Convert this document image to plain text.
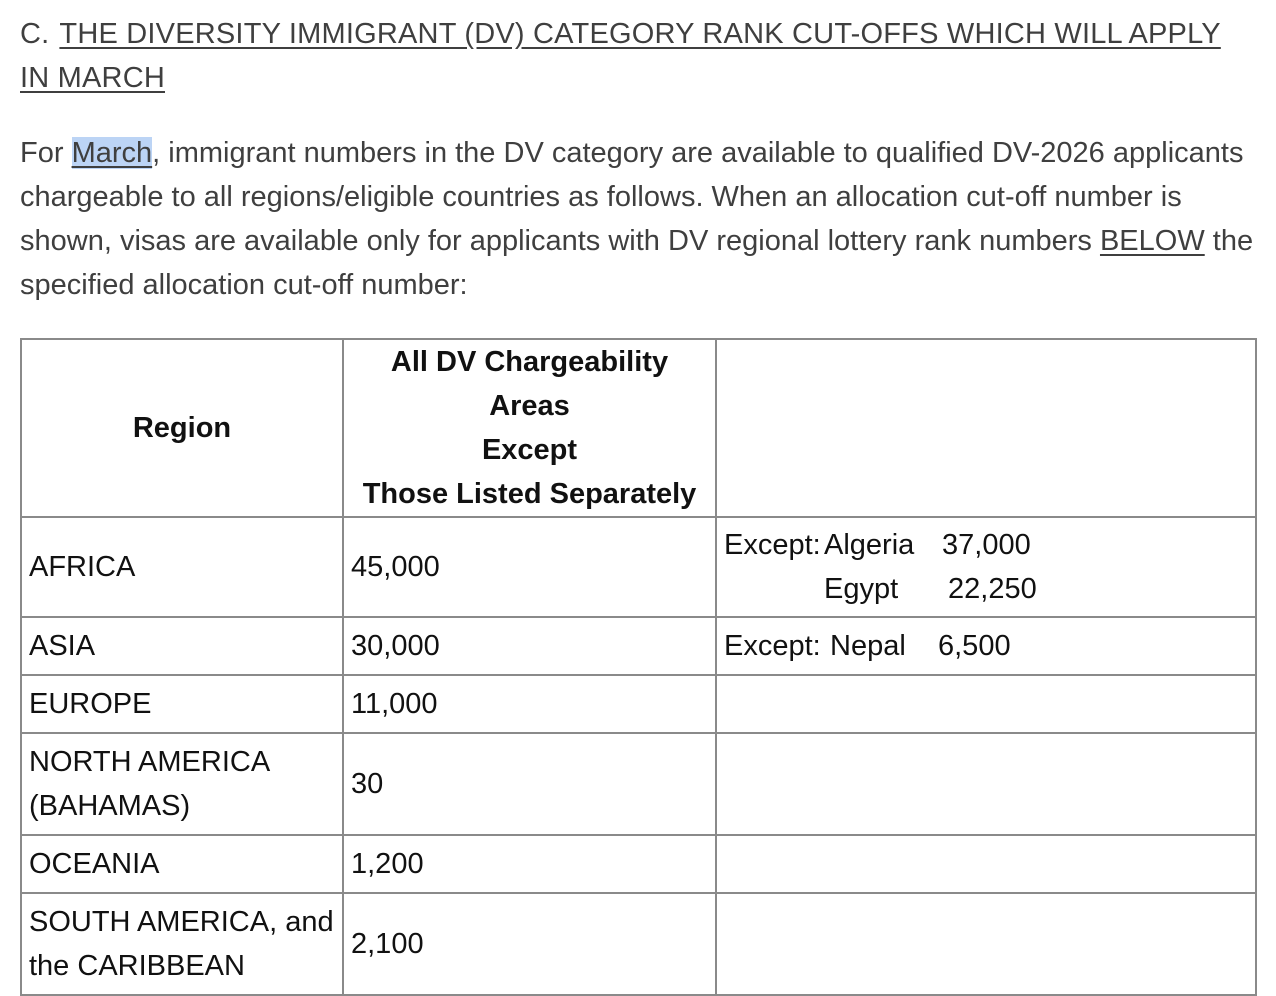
C. THE DIVERSITY IMMIGRANT (DV) CATEGORY RANK CUT-OFFS WHICH WILL APPLY IN MARCH

For March, immigrant numbers in the DV category are available to qualified DV-2026 applicants chargeable to all regions/eligible countries as follows. When an allocation cut-off number is shown, visas are available only for applicants with DV regional lottery rank numbers BELOW the specified allocation cut-off number:

Region	All DV Chargeability Areas
Except
Those Listed Separately	

AFRICA	45,000	Except: Algeria 37,000
Egypt 22,250

ASIA	30,000	Except: Nepal 6,500

EUROPE	11,000	
NORTH AMERICA (BAHAMAS)	30	
OCEANIA	1,200	
SOUTH AMERICA, and the CARIBBEAN	2,100	
